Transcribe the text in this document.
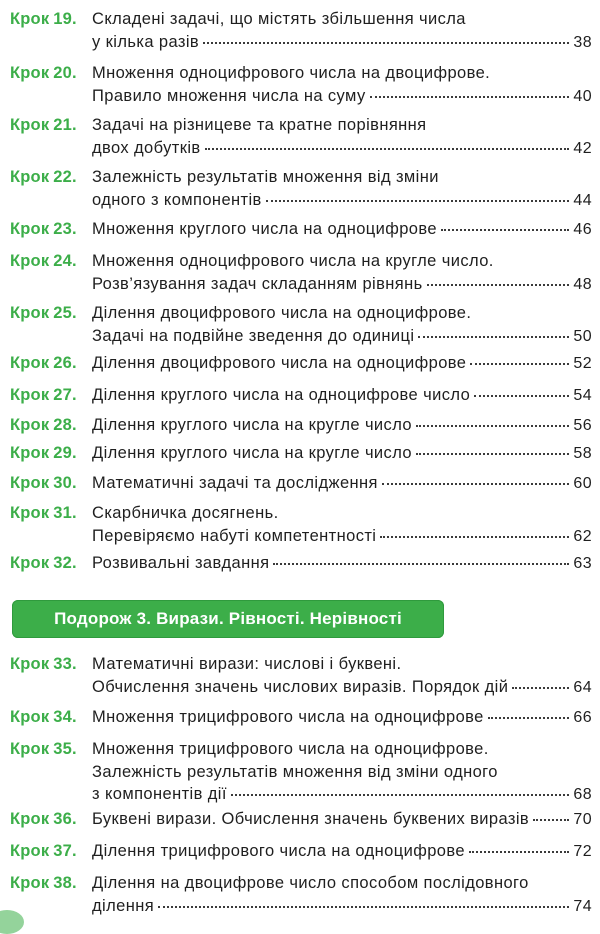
Подорож 3. Вирази. Рівності. Нерівності
Крок 19. Складені задачі, що містять збільшення числа
у кілька разів	38
Крок 20. Множення одноцифрового числа на двоцифрове.
Правило множення числа на суму	40
Крок 21. Задачі на різницеве та кратне порівняння
двох добутків	42
Крок 22. Залежність результатів множення від зміни
одного з компонентів	44
Крок 23. Множення круглого числа на одноцифрове	46
Крок 24. Множення одноцифрового числа на кругле число.
Розв’язування задач складанням рівнянь	48
Крок 25. Ділення двоцифрового числа на одноцифрове.
Задачі на подвійне зведення до одиниці	50
Крок 26. Ділення двоцифрового числа на одноцифрове	52
Крок 27. Ділення круглого числа на одноцифрове число	54
Крок 28. Ділення круглого числа на кругле число	56
Крок 29. Ділення круглого числа на кругле число	58
Крок 30. Математичні задачі та дослідження	60
Крок 31. Скарбничка досягнень.
Перевіряємо набуті компетентності	62
Крок 32. Розвивальні завдання	63
Крок 33. Математичні вирази: числові і буквені.
Обчислення значень числових виразів. Порядок дій	64
Крок 34. Множення трицифрового числа на одноцифрове	66
Крок 35. Множення трицифрового числа на одноцифрове.
Залежність результатів множення від зміни одного
з компонентів дії	68
Крок 36. Буквені вирази. Обчислення значень буквених виразів	70
Крок 37. Ділення трицифрового числа на одноцифрове	72
Крок 38. Ділення на двоцифрове число способом послідовного
ділення	74
